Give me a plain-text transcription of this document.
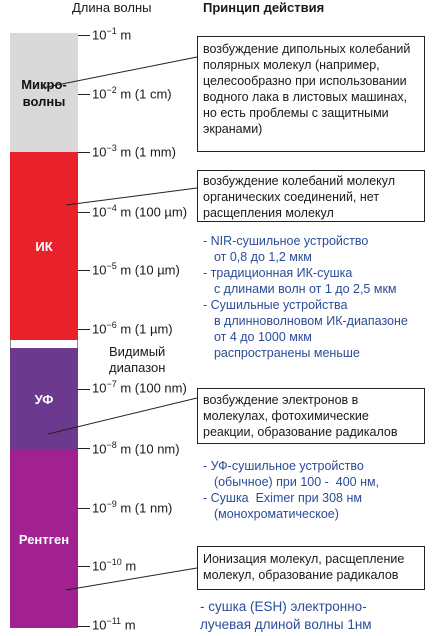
Длина волны	Принцип действия
Микро-
волны
ИК
УФ
Рентген
Видимый
диапазон
$10^{-1}$ m
$10^{-2}$ m (1 cm)
$10^{-3}$ m (1 mm)
$10^{-4}$ m (100 µm)
$10^{-5}$ m (10 µm)
$10^{-6}$ m (1 µm)
$10^{-7}$ m (100 nm)
$10^{-8}$ m (10 nm)
$10^{-9}$ m (1 nm)
$10^{-10}$ m
$10^{-11}$ m
возбуждение дипольных колебаний полярных молекул (например, целесообразно при использовании водного лака в листовых машинах, но есть проблемы с защитными экранами)
возбуждение колебаний молекул органических соединений, нет расщепления молекул
возбуждение электронов в молекулах, фотохимические реакции, образование радикалов
Ионизация молекул, расщепление молекул, образование радикалов
- NIR-сушильное устройство
от 0,8 до 1,2 мкм
- традиционная ИК-сушка
с длинами волн от 1 до 2,5 мкм
- Сушильные устройства
в длинноволновом ИК-диапазоне
от 4 до 1000 мкм
распространены меньше
- УФ-сушильное устройство
(обычное) при 100 -  400 нм,
- Сушка  Eximer при 308 нм
(монохроматическое)
- сушка (ESH) электронно-
лучевая длиной волны 1нм
